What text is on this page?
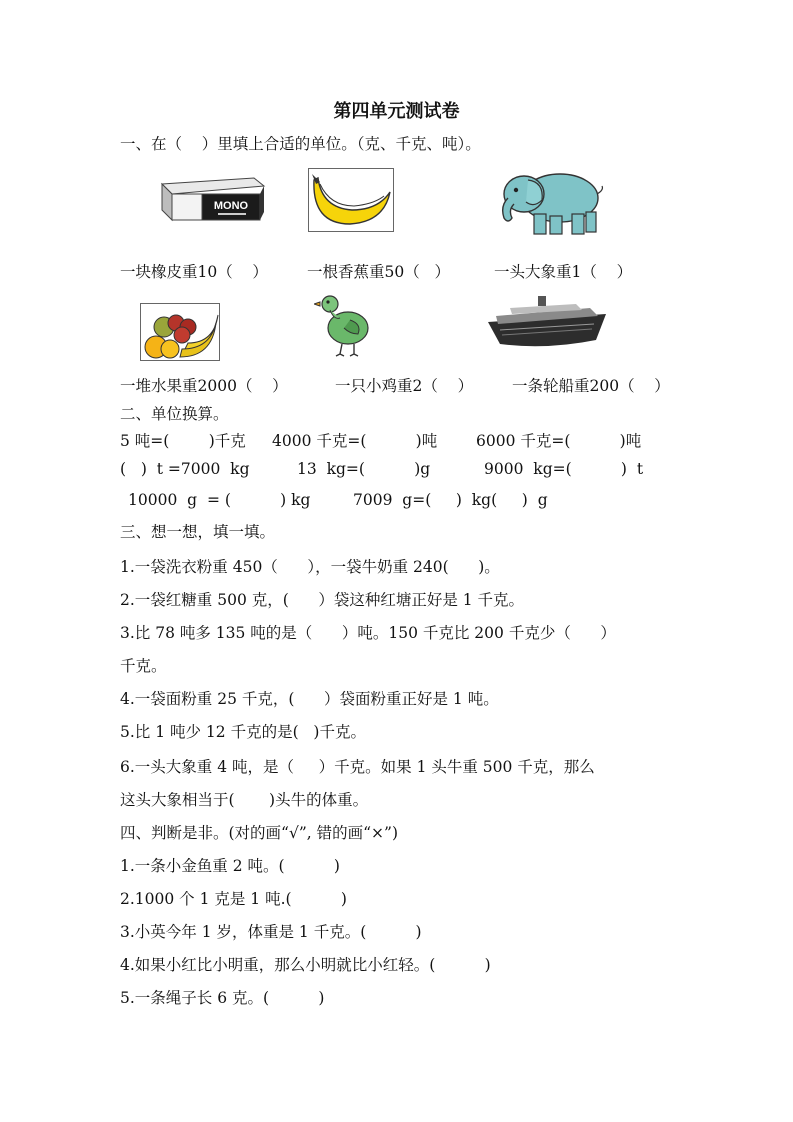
第四单元测试卷
一、在（    ）里填上合适的单位。（克、千克、吨）。
MONO
一块橡皮重10（    ）	一根香蕉重50（   ）	一头大象重1（    ）
一堆水果重2000（    ）	一只小鸡重2（    ）	一条轮船重200（    ）
二、单位换算。
5 吨=(        )千克 4000 千克=(          )吨	6000 千克=(          )吨
(   )  t =7000  kg	13  kg=(          )g	9000  kg=(          )  t
10000  g  = (          ) kg	7009  g=(     )  kg(     )  g
三、想一想，填一填。
1.一袋洗衣粉重 450（      ），一袋牛奶重 240(      )。
2.一袋红糖重 500 克，(      ）袋这种红塘正好是 1 千克。
3.比 78 吨多 135 吨的是（      ）吨。150 千克比 200 千克少（      ）
千克。
4.一袋面粉重 25 千克，(      ）袋面粉重正好是 1 吨。
5.比 1 吨少 12 千克的是(   )千克。
6.一头大象重 4 吨，是（     ）千克。如果 1 头牛重 500 千克，那么
这头大象相当于(       )头牛的体重。
四、判断是非。(对的画“√”, 错的画“×”)
1.一条小金鱼重 2 吨。(          )
2.1000 个 1 克是 1 吨.(          )
3.小英今年 1 岁，体重是 1 千克。(          )
4.如果小红比小明重，那么小明就比小红轻。(          )
5.一条绳子长 6 克。(          )
